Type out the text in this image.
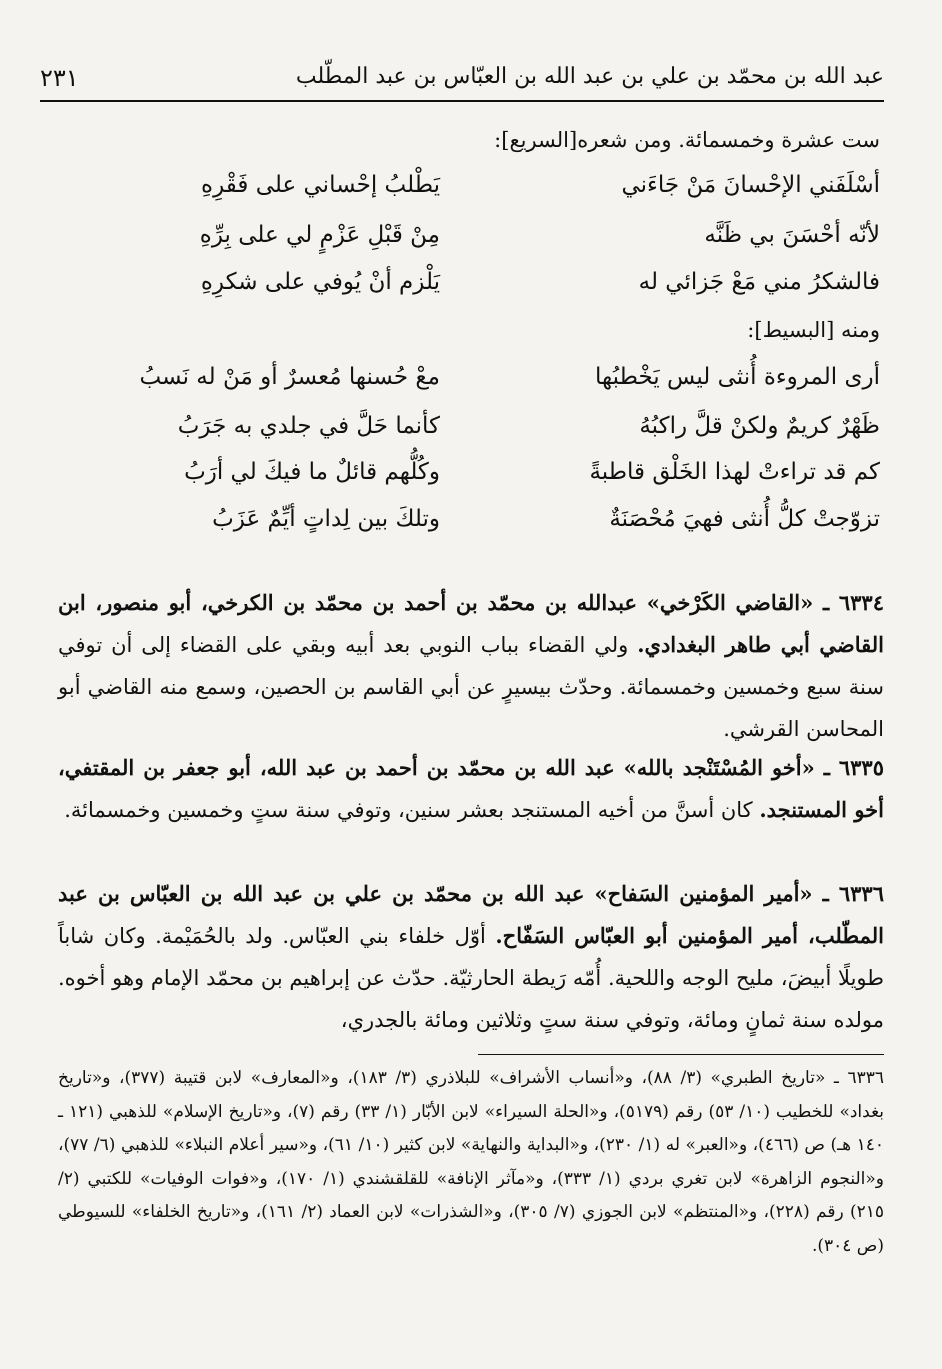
عبد الله بن محمّد بن علي بن عبد الله بن العبّاس بن عبد المطّلب
٢٣١
ست عشرة وخمسمائة. ومن شعره[السريع]:
أسْلَفَني الإحْسانَ مَنْ جَاءَني
يَطْلبُ إحْساني على فَقْرِهِ
لأنّه أحْسَنَ بي ظَنَّه
مِنْ قَبْلِ عَزْمٍ لي على بِرِّهِ
فالشكرُ مني مَعْ جَزائي له
يَلْزم أنْ يُوفي على شكرِهِ
ومنه [البسيط]:
أرى المروءة أُنثى ليس يَخْطبُها
معْ حُسنها مُعسرٌ أو مَنْ له نَسبُ
ظَهْرٌ كريمٌ ولكنْ قلَّ راكبُهُ
كأنما حَلَّ في جلدي به جَرَبُ
كم قد تراءتْ لهذا الخَلْق قاطبةً
وكُلُّهم قائلٌ ما فيكَ لي أرَبُ
تزوّجتْ كلُّ أُنثى فهيَ مُحْصَنَةٌ
وتلكَ بين لِداتٍ أيِّمٌ عَزَبُ
٦٣٣٤ ـ «القاضي الكَرْخي» عبدالله بن محمّد بن أحمد بن محمّد بن الكرخي، أبو منصور، ابن القاضي أبي طاهر البغدادي. ولي القضاء بباب النوبي بعد أبيه وبقي على القضاء إلى أن توفي سنة سبع وخمسين وخمسمائة. وحدّث بيسيرٍ عن أبي القاسم بن الحصين، وسمع منه القاضي أبو المحاسن القرشي.
٦٣٣٥ ـ «أخو المُسْتَنْجد بالله» عبد الله بن محمّد بن أحمد بن عبد الله، أبو جعفر بن المقتفي، أخو المستنجد. كان أسنَّ من أخيه المستنجد بعشر سنين، وتوفي سنة ستٍ وخمسين وخمسمائة.
٦٣٣٦ ـ «أمير المؤمنين السَفاح» عبد الله بن محمّد بن علي بن عبد الله بن العبّاس بن عبد المطّلب، أمير المؤمنين أبو العبّاس السَفّاح. أوّل خلفاء بني العبّاس. ولد بالحُمَيْمة. وكان شاباً طويلًا أبيضَ، مليح الوجه واللحية. أُمّه رَيطة الحارثيّة. حدّث عن إبراهيم بن محمّد الإمام وهو أخوه. مولده سنة ثمانٍ ومائة، وتوفي سنة ستٍ وثلاثين ومائة بالجدري،
٦٣٣٦ ـ «تاريخ الطبري» (٣/ ٨٨)، و«أنساب الأشراف» للبلاذري (٣/ ١٨٣)، و«المعارف» لابن قتيبة (٣٧٧)، و«تاريخ بغداد» للخطيب (١٠/ ٥٣) رقم (٥١٧٩)، و«الحلة السيراء» لابن الأبّار (١/ ٣٣) رقم (٧)، و«تاريخ الإسلام» للذهبي (١٢١ ـ ١٤٠ هـ) ص (٤٦٦)، و«العبر» له (١/ ٢٣٠)، و«البداية والنهاية» لابن كثير (١٠/ ٦١)، و«سير أعلام النبلاء» للذهبي (٦/ ٧٧)، و«النجوم الزاهرة» لابن تغري بردي (١/ ٣٣٣)، و«مآثر الإنافة» للقلقشندي (١/ ١٧٠)، و«فوات الوفيات» للكتبي (٢/ ٢١٥) رقم (٢٢٨)، و«المنتظم» لابن الجوزي (٧/ ٣٠٥)، و«الشذرات» لابن العماد (٢/ ١٦١)، و«تاريخ الخلفاء» للسيوطي (ص ٣٠٤).
